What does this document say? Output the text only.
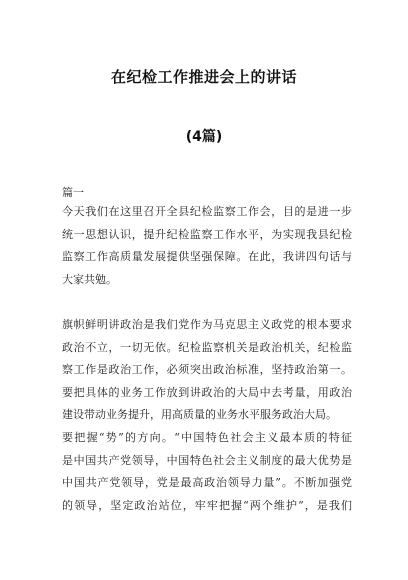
在纪检工作推进会上的讲话
(4篇)
篇一
今天我们在这里召开全县纪检监察工作会，目的是进一步
统一思想认识，提升纪检监察工作水平，为实现我县纪检
监察工作高质量发展提供坚强保障。在此，我讲四句话与
大家共勉。
旗帜鲜明讲政治是我们党作为马克思主义政党的根本要求
政治不立，一切无依。纪检监察机关是政治机关，纪检监
察工作是政治工作，必须突出政治标准，坚持政治第一。
要把具体的业务工作放到讲政治的大局中去考量，用政治
建设带动业务提升，用高质量的业务水平服务政治大局。
要把握“势”的方向。“中国特色社会主义最本质的特征
是中国共产党领导，中国特色社会主义制度的最大优势是
中国共产党领导，党是最高政治领导力量”。不断加强党
的领导，坚定政治站位，牢牢把握“两个维护”，是我们
